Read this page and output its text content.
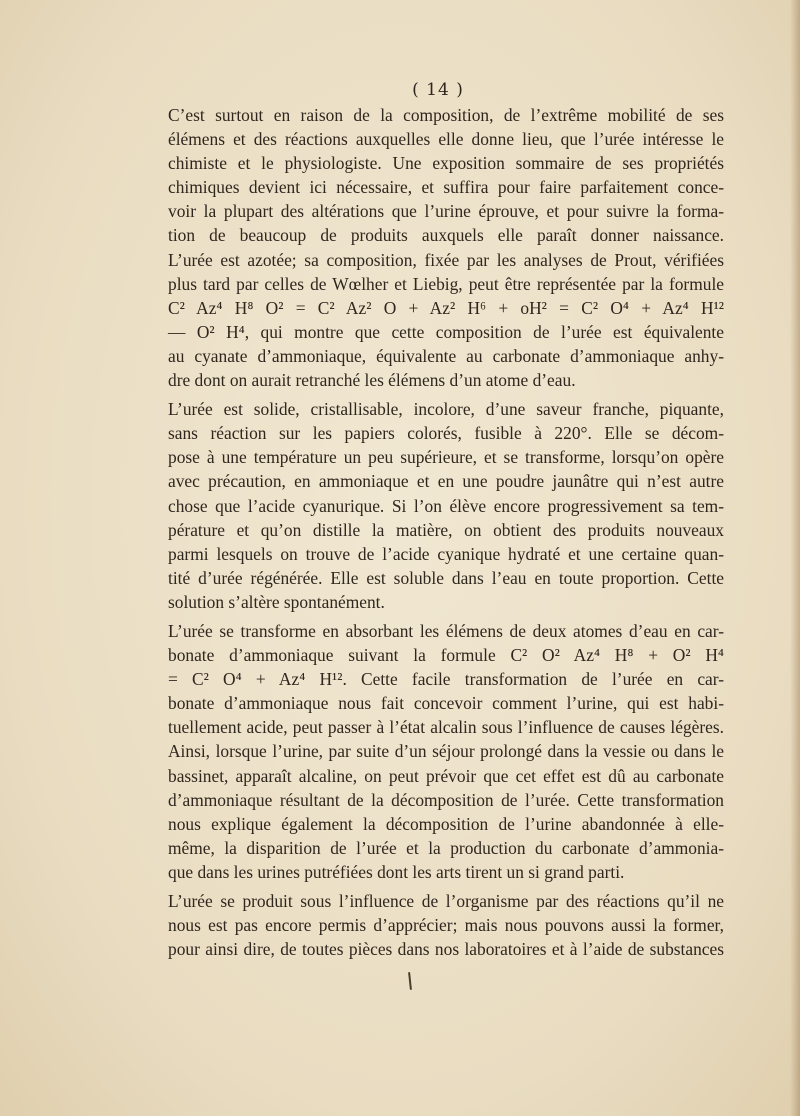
( 14 )
C’est surtout en raison de la composition, de l’extrême mobilité de ses
élémens et des réactions auxquelles elle donne lieu, que l’urée intéresse le
chimiste et le physiologiste. Une exposition sommaire de ses propriétés
chimiques devient ici nécessaire, et suffira pour faire parfaitement conce-
voir la plupart des altérations que l’urine éprouve, et pour suivre la forma-
tion de beaucoup de produits auxquels elle paraît donner naissance.
L’urée est azotée; sa composition, fixée par les analyses de Prout, vérifiées
plus tard par celles de Wœlher et Liebig, peut être représentée par la formule
C² Az⁴ H⁸ O² = C² Az² O + Az² H⁶ + oH² = C² O⁴ + Az⁴ H¹²
— O² H⁴, qui montre que cette composition de l’urée est équivalente
au cyanate d’ammoniaque, équivalente au carbonate d’ammoniaque anhy-
dre dont on aurait retranché les élémens d’un atome d’eau.
L’urée est solide, cristallisable, incolore, d’une saveur franche, piquante,
sans réaction sur les papiers colorés, fusible à 220°. Elle se décom-
pose à une température un peu supérieure, et se transforme, lorsqu’on opère
avec précaution, en ammoniaque et en une poudre jaunâtre qui n’est autre
chose que l’acide cyanurique. Si l’on élève encore progressivement sa tem-
pérature et qu’on distille la matière, on obtient des produits nouveaux
parmi lesquels on trouve de l’acide cyanique hydraté et une certaine quan-
tité d’urée régénérée. Elle est soluble dans l’eau en toute proportion. Cette
solution s’altère spontanément.
L’urée se transforme en absorbant les élémens de deux atomes d’eau en car-
bonate d’ammoniaque suivant la formule C² O² Az⁴ H⁸ + O² H⁴
= C² O⁴ + Az⁴ H¹². Cette facile transformation de l’urée en car-
bonate d’ammoniaque nous fait concevoir comment l’urine, qui est habi-
tuellement acide, peut passer à l’état alcalin sous l’influence de causes légères.
Ainsi, lorsque l’urine, par suite d’un séjour prolongé dans la vessie ou dans le
bassinet, apparaît alcaline, on peut prévoir que cet effet est dû au carbonate
d’ammoniaque résultant de la décomposition de l’urée. Cette transformation
nous explique également la décomposition de l’urine abandonnée à elle-
même, la disparition de l’urée et la production du carbonate d’ammonia-
que dans les urines putréfiées dont les arts tirent un si grand parti.
L’urée se produit sous l’influence de l’organisme par des réactions qu’il ne
nous est pas encore permis d’apprécier; mais nous pouvons aussi la former,
pour ainsi dire, de toutes pièces dans nos laboratoires et à l’aide de substances
